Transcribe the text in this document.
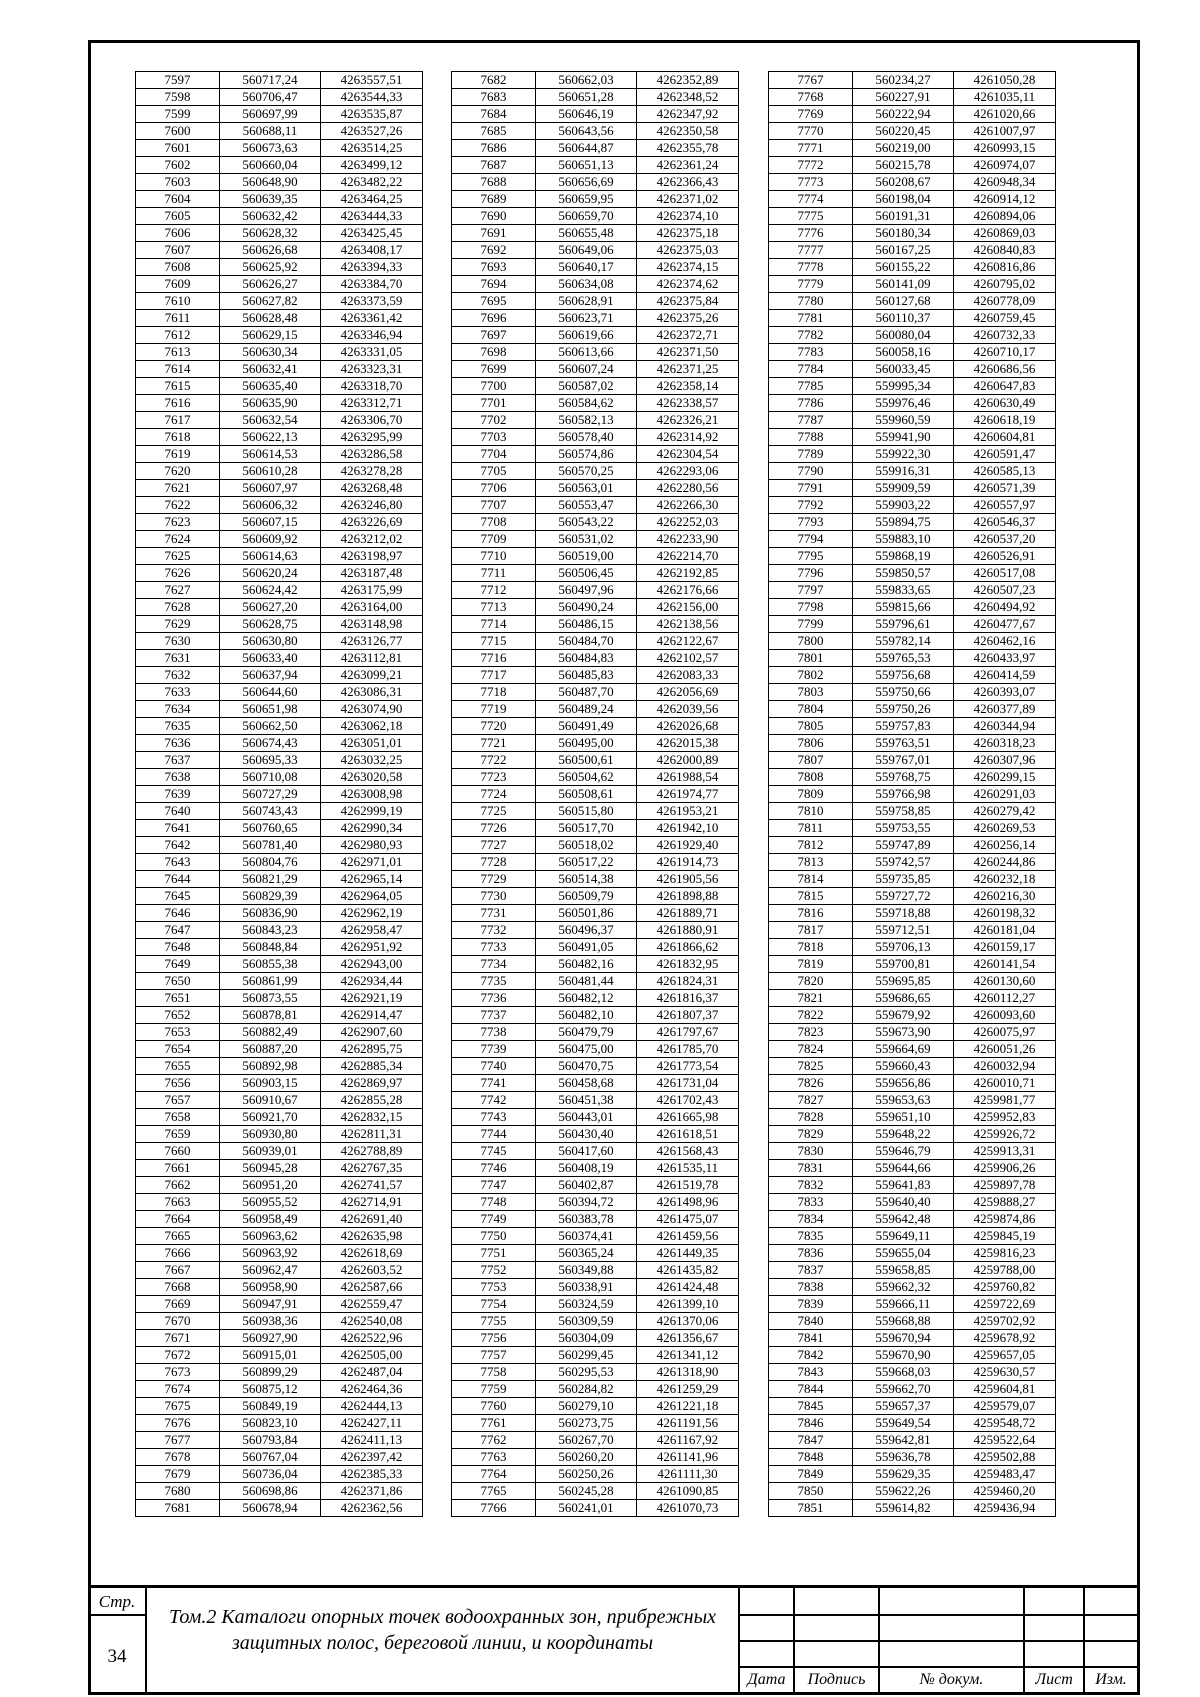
7597	560717,24	4263557,51
7598	560706,47	4263544,33
7599	560697,99	4263535,87
7600	560688,11	4263527,26
7601	560673,63	4263514,25
7602	560660,04	4263499,12
7603	560648,90	4263482,22
7604	560639,35	4263464,25
7605	560632,42	4263444,33
7606	560628,32	4263425,45
7607	560626,68	4263408,17
7608	560625,92	4263394,33
7609	560626,27	4263384,70
7610	560627,82	4263373,59
7611	560628,48	4263361,42
7612	560629,15	4263346,94
7613	560630,34	4263331,05
7614	560632,41	4263323,31
7615	560635,40	4263318,70
7616	560635,90	4263312,71
7617	560632,54	4263306,70
7618	560622,13	4263295,99
7619	560614,53	4263286,58
7620	560610,28	4263278,28
7621	560607,97	4263268,48
7622	560606,32	4263246,80
7623	560607,15	4263226,69
7624	560609,92	4263212,02
7625	560614,63	4263198,97
7626	560620,24	4263187,48
7627	560624,42	4263175,99
7628	560627,20	4263164,00
7629	560628,75	4263148,98
7630	560630,80	4263126,77
7631	560633,40	4263112,81
7632	560637,94	4263099,21
7633	560644,60	4263086,31
7634	560651,98	4263074,90
7635	560662,50	4263062,18
7636	560674,43	4263051,01
7637	560695,33	4263032,25
7638	560710,08	4263020,58
7639	560727,29	4263008,98
7640	560743,43	4262999,19
7641	560760,65	4262990,34
7642	560781,40	4262980,93
7643	560804,76	4262971,01
7644	560821,29	4262965,14
7645	560829,39	4262964,05
7646	560836,90	4262962,19
7647	560843,23	4262958,47
7648	560848,84	4262951,92
7649	560855,38	4262943,00
7650	560861,99	4262934,44
7651	560873,55	4262921,19
7652	560878,81	4262914,47
7653	560882,49	4262907,60
7654	560887,20	4262895,75
7655	560892,98	4262885,34
7656	560903,15	4262869,97
7657	560910,67	4262855,28
7658	560921,70	4262832,15
7659	560930,80	4262811,31
7660	560939,01	4262788,89
7661	560945,28	4262767,35
7662	560951,20	4262741,57
7663	560955,52	4262714,91
7664	560958,49	4262691,40
7665	560963,62	4262635,98
7666	560963,92	4262618,69
7667	560962,47	4262603,52
7668	560958,90	4262587,66
7669	560947,91	4262559,47
7670	560938,36	4262540,08
7671	560927,90	4262522,96
7672	560915,01	4262505,00
7673	560899,29	4262487,04
7674	560875,12	4262464,36
7675	560849,19	4262444,13
7676	560823,10	4262427,11
7677	560793,84	4262411,13
7678	560767,04	4262397,42
7679	560736,04	4262385,33
7680	560698,86	4262371,86
7681	560678,94	4262362,56
7682	560662,03	4262352,89
7683	560651,28	4262348,52
7684	560646,19	4262347,92
7685	560643,56	4262350,58
7686	560644,87	4262355,78
7687	560651,13	4262361,24
7688	560656,69	4262366,43
7689	560659,95	4262371,02
7690	560659,70	4262374,10
7691	560655,48	4262375,18
7692	560649,06	4262375,03
7693	560640,17	4262374,15
7694	560634,08	4262374,62
7695	560628,91	4262375,84
7696	560623,71	4262375,26
7697	560619,66	4262372,71
7698	560613,66	4262371,50
7699	560607,24	4262371,25
7700	560587,02	4262358,14
7701	560584,62	4262338,57
7702	560582,13	4262326,21
7703	560578,40	4262314,92
7704	560574,86	4262304,54
7705	560570,25	4262293,06
7706	560563,01	4262280,56
7707	560553,47	4262266,30
7708	560543,22	4262252,03
7709	560531,02	4262233,90
7710	560519,00	4262214,70
7711	560506,45	4262192,85
7712	560497,96	4262176,66
7713	560490,24	4262156,00
7714	560486,15	4262138,56
7715	560484,70	4262122,67
7716	560484,83	4262102,57
7717	560485,83	4262083,33
7718	560487,70	4262056,69
7719	560489,24	4262039,56
7720	560491,49	4262026,68
7721	560495,00	4262015,38
7722	560500,61	4262000,89
7723	560504,62	4261988,54
7724	560508,61	4261974,77
7725	560515,80	4261953,21
7726	560517,70	4261942,10
7727	560518,02	4261929,40
7728	560517,22	4261914,73
7729	560514,38	4261905,56
7730	560509,79	4261898,88
7731	560501,86	4261889,71
7732	560496,37	4261880,91
7733	560491,05	4261866,62
7734	560482,16	4261832,95
7735	560481,44	4261824,31
7736	560482,12	4261816,37
7737	560482,10	4261807,37
7738	560479,79	4261797,67
7739	560475,00	4261785,70
7740	560470,75	4261773,54
7741	560458,68	4261731,04
7742	560451,38	4261702,43
7743	560443,01	4261665,98
7744	560430,40	4261618,51
7745	560417,60	4261568,43
7746	560408,19	4261535,11
7747	560402,87	4261519,78
7748	560394,72	4261498,96
7749	560383,78	4261475,07
7750	560374,41	4261459,56
7751	560365,24	4261449,35
7752	560349,88	4261435,82
7753	560338,91	4261424,48
7754	560324,59	4261399,10
7755	560309,59	4261370,06
7756	560304,09	4261356,67
7757	560299,45	4261341,12
7758	560295,53	4261318,90
7759	560284,82	4261259,29
7760	560279,10	4261221,18
7761	560273,75	4261191,56
7762	560267,70	4261167,92
7763	560260,20	4261141,96
7764	560250,26	4261111,30
7765	560245,28	4261090,85
7766	560241,01	4261070,73
7767	560234,27	4261050,28
7768	560227,91	4261035,11
7769	560222,94	4261020,66
7770	560220,45	4261007,97
7771	560219,00	4260993,15
7772	560215,78	4260974,07
7773	560208,67	4260948,34
7774	560198,04	4260914,12
7775	560191,31	4260894,06
7776	560180,34	4260869,03
7777	560167,25	4260840,83
7778	560155,22	4260816,86
7779	560141,09	4260795,02
7780	560127,68	4260778,09
7781	560110,37	4260759,45
7782	560080,04	4260732,33
7783	560058,16	4260710,17
7784	560033,45	4260686,56
7785	559995,34	4260647,83
7786	559976,46	4260630,49
7787	559960,59	4260618,19
7788	559941,90	4260604,81
7789	559922,30	4260591,47
7790	559916,31	4260585,13
7791	559909,59	4260571,39
7792	559903,22	4260557,97
7793	559894,75	4260546,37
7794	559883,10	4260537,20
7795	559868,19	4260526,91
7796	559850,57	4260517,08
7797	559833,65	4260507,23
7798	559815,66	4260494,92
7799	559796,61	4260477,67
7800	559782,14	4260462,16
7801	559765,53	4260433,97
7802	559756,68	4260414,59
7803	559750,66	4260393,07
7804	559750,26	4260377,89
7805	559757,83	4260344,94
7806	559763,51	4260318,23
7807	559767,01	4260307,96
7808	559768,75	4260299,15
7809	559766,98	4260291,03
7810	559758,85	4260279,42
7811	559753,55	4260269,53
7812	559747,89	4260256,14
7813	559742,57	4260244,86
7814	559735,85	4260232,18
7815	559727,72	4260216,30
7816	559718,88	4260198,32
7817	559712,51	4260181,04
7818	559706,13	4260159,17
7819	559700,81	4260141,54
7820	559695,85	4260130,60
7821	559686,65	4260112,27
7822	559679,92	4260093,60
7823	559673,90	4260075,97
7824	559664,69	4260051,26
7825	559660,43	4260032,94
7826	559656,86	4260010,71
7827	559653,63	4259981,77
7828	559651,10	4259952,83
7829	559648,22	4259926,72
7830	559646,79	4259913,31
7831	559644,66	4259906,26
7832	559641,83	4259897,78
7833	559640,40	4259888,27
7834	559642,48	4259874,86
7835	559649,11	4259845,19
7836	559655,04	4259816,23
7837	559658,85	4259788,00
7838	559662,32	4259760,82
7839	559666,11	4259722,69
7840	559668,88	4259702,92
7841	559670,94	4259678,92
7842	559670,90	4259657,05
7843	559668,03	4259630,57
7844	559662,70	4259604,81
7845	559657,37	4259579,07
7846	559649,54	4259548,72
7847	559642,81	4259522,64
7848	559636,78	4259502,88
7849	559629,35	4259483,47
7850	559622,26	4259460,20
7851	559614,82	4259436,94
Стр.
34
Том.2 Каталоги опорных точек водоохранных зон, прибрежных
защитных полос, береговой линии, и координаты
Дата	Подпись	№ докум.	Лист	Изм.
